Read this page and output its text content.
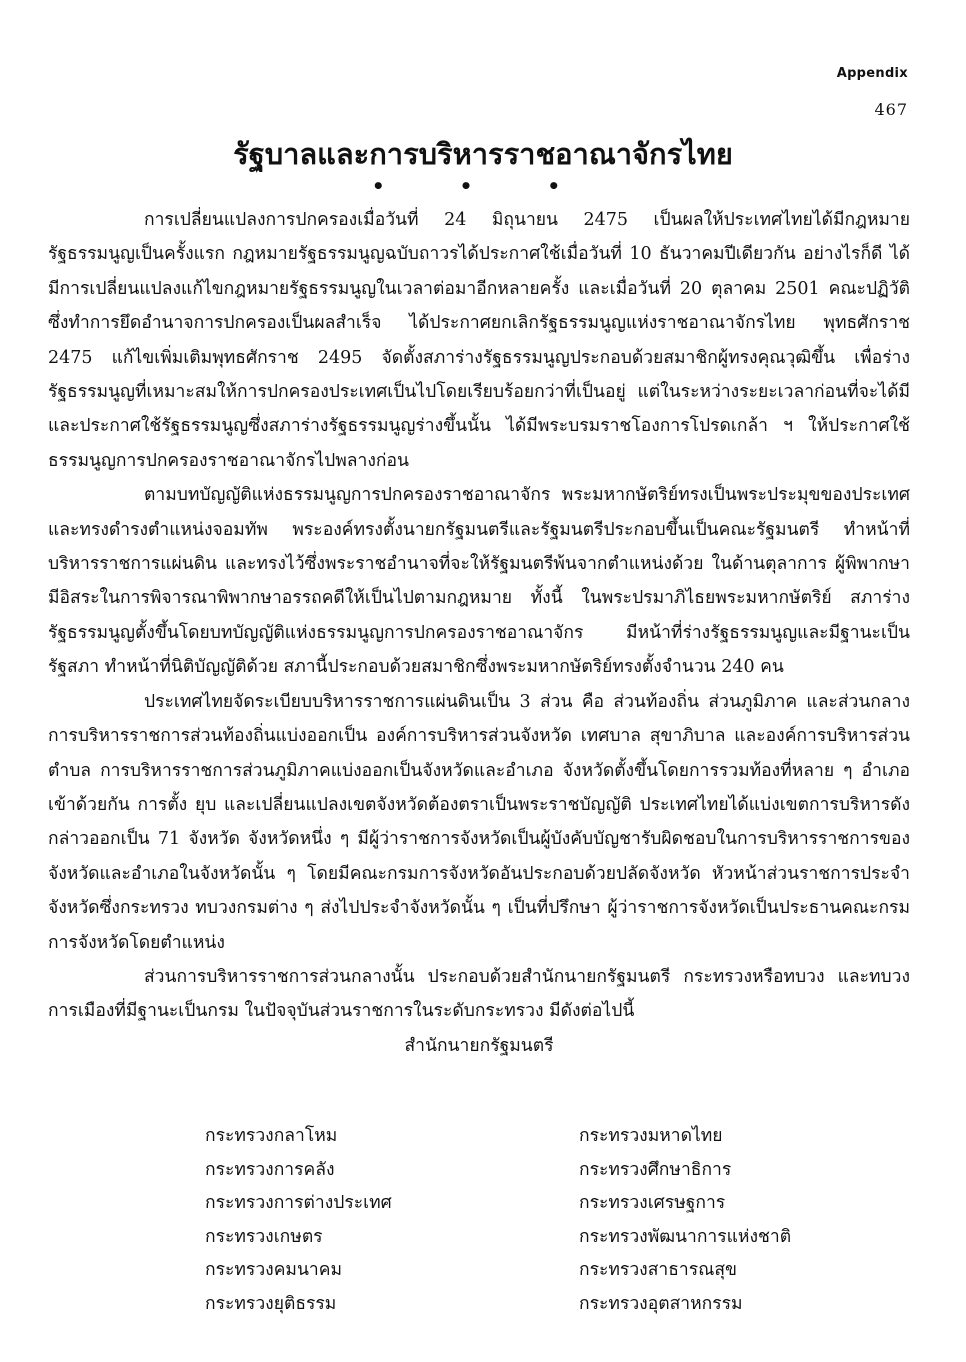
Appendix
467
รัฐบาลและการบริหารราชอาณาจักรไทย
• • •

การเปลี่ยนแปลงการปกครองเมื่อวันที่ 24 มิถุนายน 2475 เป็นผลให้ประเทศไทยได้มีกฎหมายรัฐธรรมนูญเป็นครั้งแรก กฎหมายรัฐธรรมนูญฉบับถาวรได้ประกาศใช้เมื่อวันที่ 10 ธันวาคมปีเดียวกัน อย่างไรก็ดี ได้มีการเปลี่ยนแปลงแก้ไขกฎหมายรัฐธรรมนูญในเวลาต่อมาอีกหลายครั้ง และเมื่อวันที่ 20 ตุลาคม 2501 คณะปฏิวัติซึ่งทำการยึดอำนาจการปกครองเป็นผลสำเร็จ ได้ประกาศยกเลิกรัฐธรรมนูญแห่งราชอาณาจักรไทย พุทธศักราช 2475 แก้ไขเพิ่มเติมพุทธศักราช 2495 จัดตั้งสภาร่างรัฐธรรมนูญประกอบด้วยสมาชิกผู้ทรงคุณวุฒิขึ้น เพื่อร่างรัฐธรรมนูญที่เหมาะสมให้การปกครองประเทศเป็นไปโดยเรียบร้อยกว่าที่เป็นอยู่ แต่ในระหว่างระยะเวลาก่อนที่จะได้มีและประกาศใช้รัฐธรรมนูญซึ่งสภาร่างรัฐธรรมนูญร่างขึ้นนั้น ได้มีพระบรมราชโองการโปรดเกล้า ฯ ให้ประกาศใช้ธรรมนูญการปกครองราชอาณาจักรไปพลางก่อน

ตามบทบัญญัติแห่งธรรมนูญการปกครองราชอาณาจักร พระมหากษัตริย์ทรงเป็นพระประมุขของประเทศ และทรงดำรงตำแหน่งจอมทัพ พระองค์ทรงตั้งนายกรัฐมนตรีและรัฐมนตรีประกอบขึ้นเป็นคณะรัฐมนตรี ทำหน้าที่บริหารราชการแผ่นดิน และทรงไว้ซึ่งพระราชอำนาจที่จะให้รัฐมนตรีพ้นจากตำแหน่งด้วย ในด้านตุลาการ ผู้พิพากษามีอิสระในการพิจารณาพิพากษาอรรถคดีให้เป็นไปตามกฎหมาย ทั้งนี้ ในพระปรมาภิไธยพระมหากษัตริย์ สภาร่างรัฐธรรมนูญตั้งขึ้นโดยบทบัญญัติแห่งธรรมนูญการปกครองราชอาณาจักร มีหน้าที่ร่างรัฐธรรมนูญและมีฐานะเป็นรัฐสภา ทำหน้าที่นิติบัญญัติด้วย สภานี้ประกอบด้วยสมาชิกซึ่งพระมหากษัตริย์ทรงตั้งจำนวน 240 คน

ประเทศไทยจัดระเบียบบริหารราชการแผ่นดินเป็น 3 ส่วน คือ ส่วนท้องถิ่น ส่วนภูมิภาค และส่วนกลาง การบริหารราชการส่วนท้องถิ่นแบ่งออกเป็น องค์การบริหารส่วนจังหวัด เทศบาล สุขาภิบาล และองค์การบริหารส่วนตำบล การบริหารราชการส่วนภูมิภาคแบ่งออกเป็นจังหวัดและอำเภอ จังหวัดตั้งขึ้นโดยการรวมท้องที่หลาย ๆ อำเภอเข้าด้วยกัน การตั้ง ยุบ และเปลี่ยนแปลงเขตจังหวัดต้องตราเป็นพระราชบัญญัติ ประเทศไทยได้แบ่งเขตการบริหารดังกล่าวออกเป็น 71 จังหวัด จังหวัดหนึ่ง ๆ มีผู้ว่าราชการจังหวัดเป็นผู้บังคับบัญชารับผิดชอบในการบริหารราชการของจังหวัดและอำเภอในจังหวัดนั้น ๆ โดยมีคณะกรมการจังหวัดอันประกอบด้วยปลัดจังหวัด หัวหน้าส่วนราชการประจำจังหวัดซึ่งกระทรวง ทบวงกรมต่าง ๆ ส่งไปประจำจังหวัดนั้น ๆ เป็นที่ปรึกษา ผู้ว่าราชการจังหวัดเป็นประธานคณะกรมการจังหวัดโดยตำแหน่ง

ส่วนการบริหารราชการส่วนกลางนั้น ประกอบด้วยสำนักนายกรัฐมนตรี กระทรวงหรือทบวง และทบวงการเมืองที่มีฐานะเป็นกรม ในปัจจุบันส่วนราชการในระดับกระทรวง มีดังต่อไปนี้

สำนักนายกรัฐมนตรี

กระทรวงกลาโหม	กระทรวงมหาดไทย
กระทรวงการคลัง	กระทรวงศึกษาธิการ
กระทรวงการต่างประเทศ	กระทรวงเศรษฐการ
กระทรวงเกษตร	กระทรวงพัฒนาการแห่งชาติ
กระทรวงคมนาคม	กระทรวงสาธารณสุข
กระทรวงยุติธรรม	กระทรวงอุตสาหกรรม
